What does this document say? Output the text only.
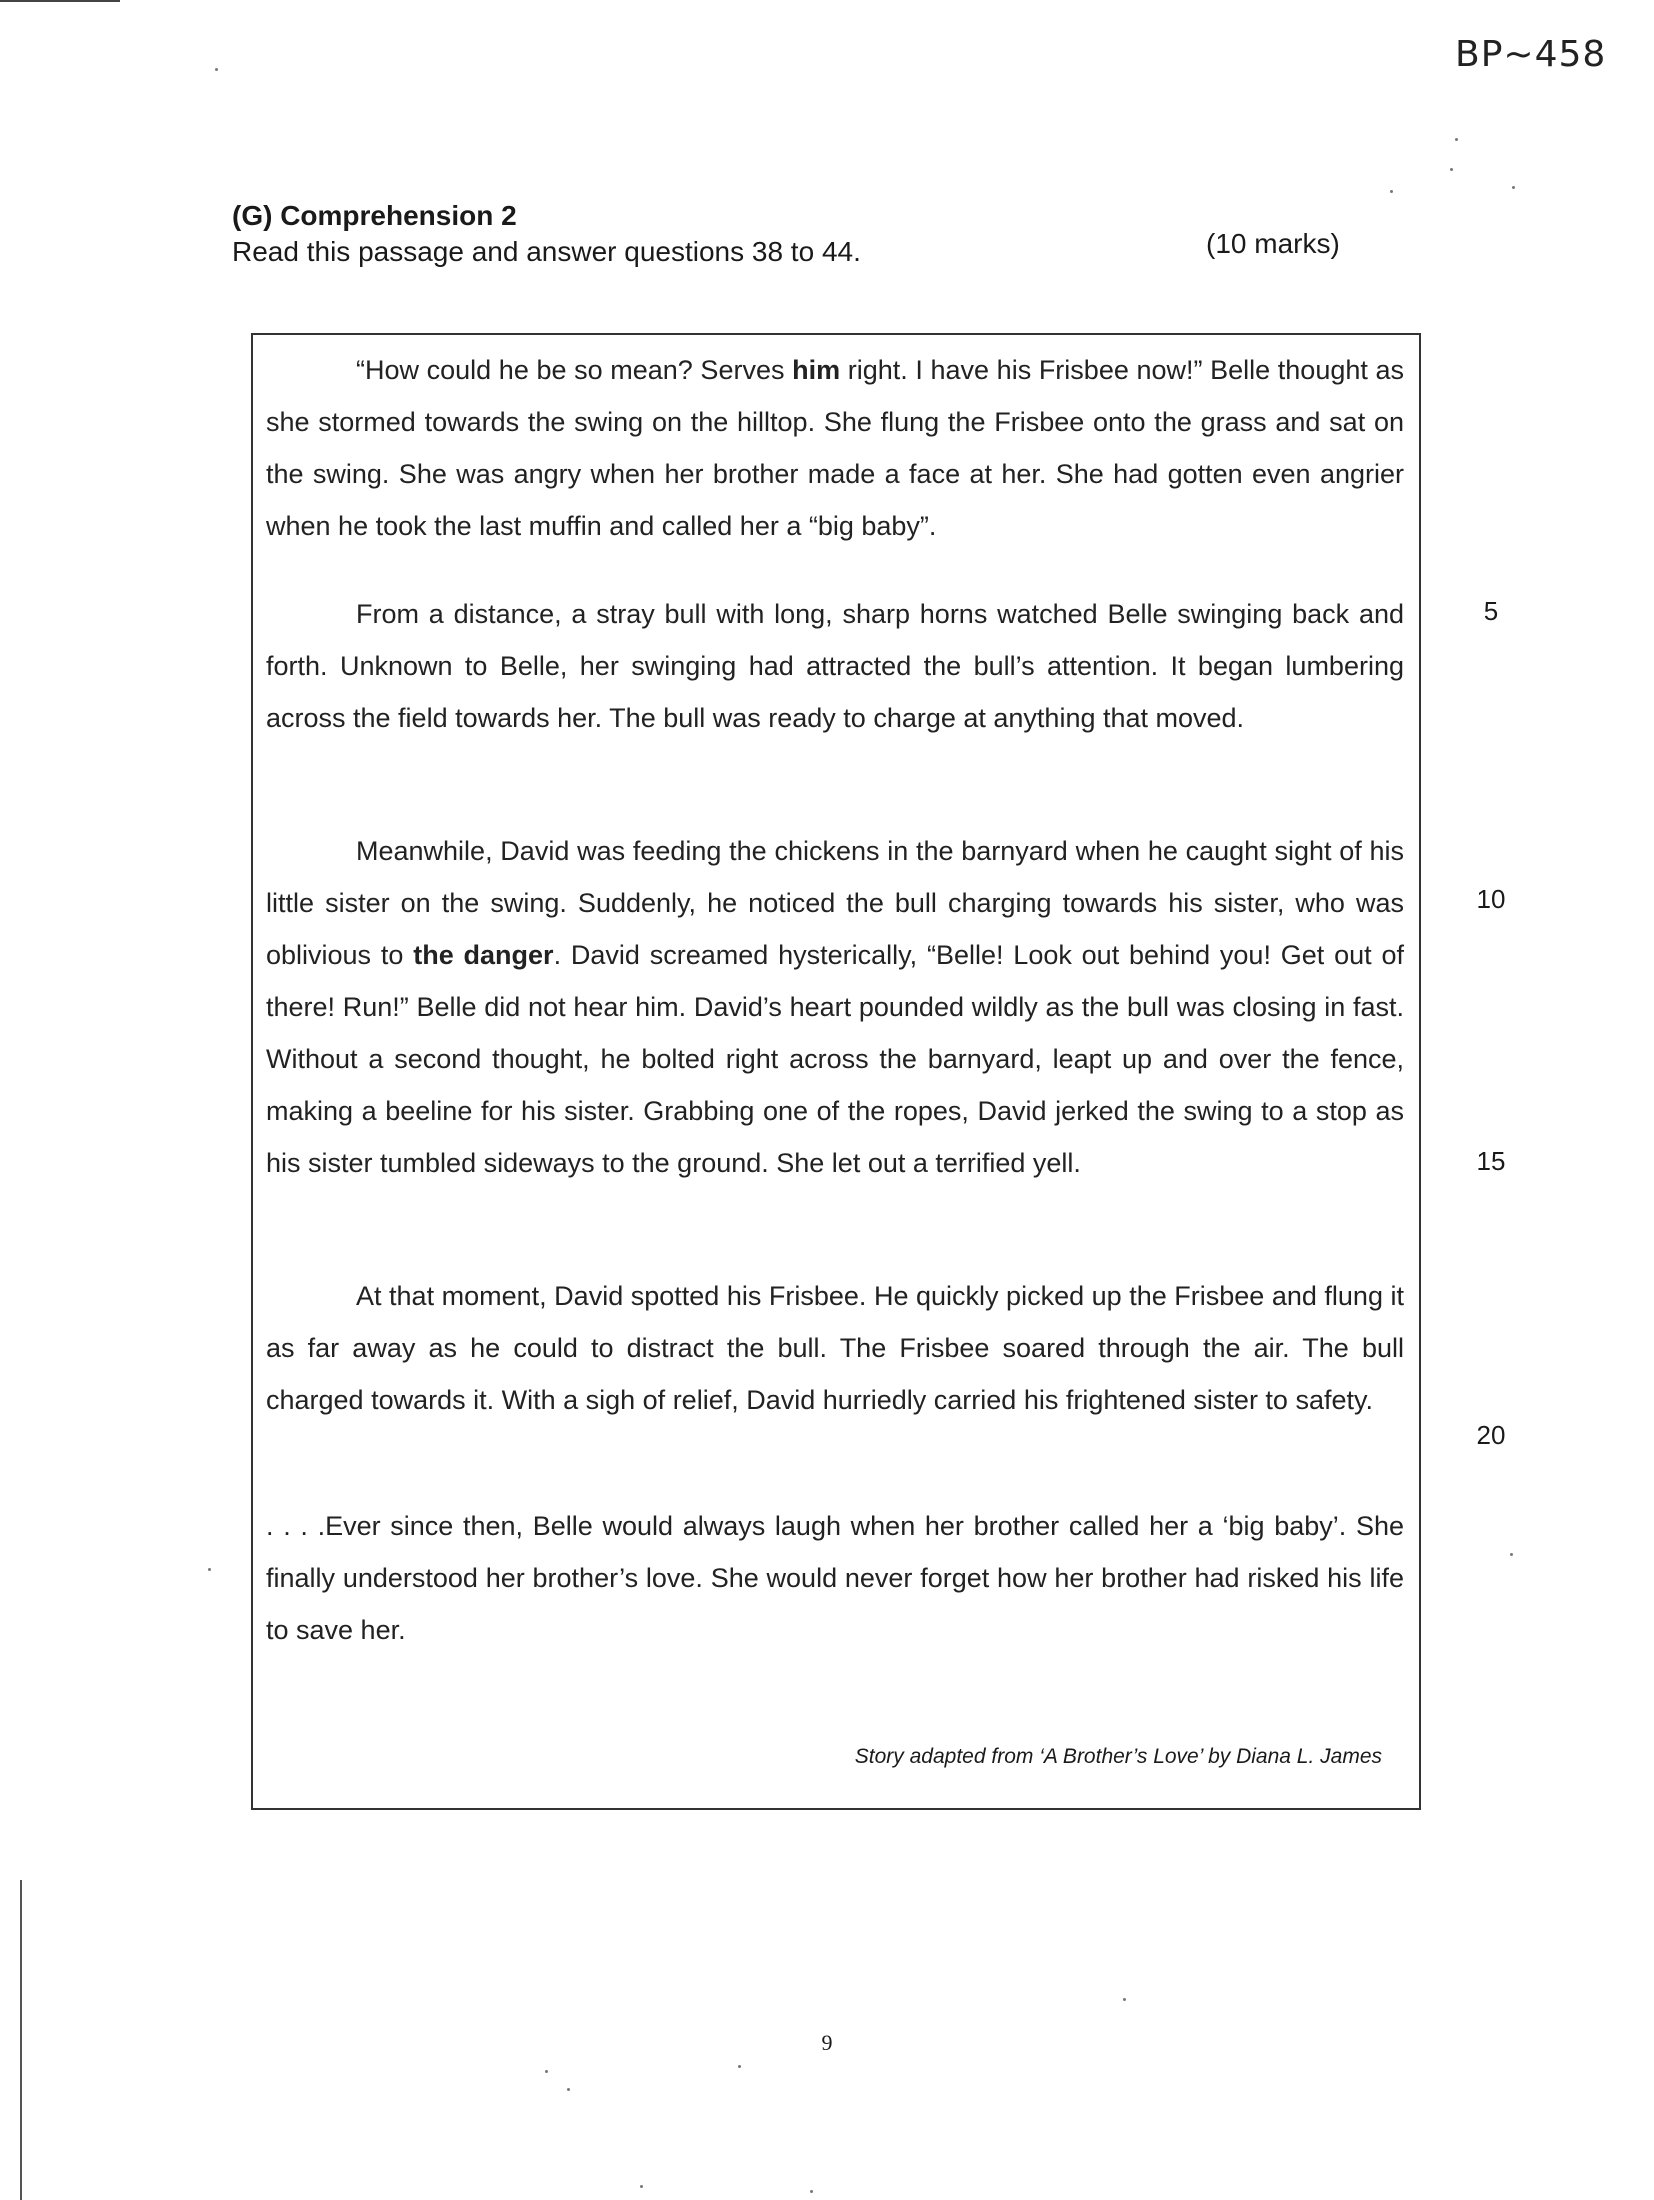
BP~458
(G) Comprehension 2
Read this passage and answer questions 38 to 44.	(10 marks)

“How could he be so mean? Serves him right. I have his Frisbee now!” Belle thought as she stormed towards the swing on the hilltop. She flung the Frisbee onto the grass and sat on the swing. She was angry when her brother made a face at her. She had gotten even angrier when he took the last muffin and called her a “big baby”.

From a distance, a stray bull with long, sharp horns watched Belle swinging back and forth. Unknown to Belle, her swinging had attracted the bull’s attention. It began lumbering across the field towards her. The bull was ready to charge at anything that moved.

Meanwhile, David was feeding the chickens in the barnyard when he caught sight of his little sister on the swing. Suddenly, he noticed the bull charging towards his sister, who was oblivious to the danger. David screamed hysterically, “Belle! Look out behind you! Get out of there! Run!” Belle did not hear him. David’s heart pounded wildly as the bull was closing in fast. Without a second thought, he bolted right across the barnyard, leapt up and over the fence, making a beeline for his sister. Grabbing one of the ropes, David jerked the swing to a stop as his sister tumbled sideways to the ground. She let out a terrified yell.

At that moment, David spotted his Frisbee. He quickly picked up the Frisbee and flung it as far away as he could to distract the bull. The Frisbee soared through the air. The bull charged towards it. With a sigh of relief, David hurriedly carried his frightened sister to safety.

. . . .Ever since then, Belle would always laugh when her brother called her a ‘big baby’. She finally understood her brother’s love. She would never forget how her brother had risked his life to save her.

5
10
15
20
Story adapted from ‘A Brother’s Love’ by Diana L. James
9
